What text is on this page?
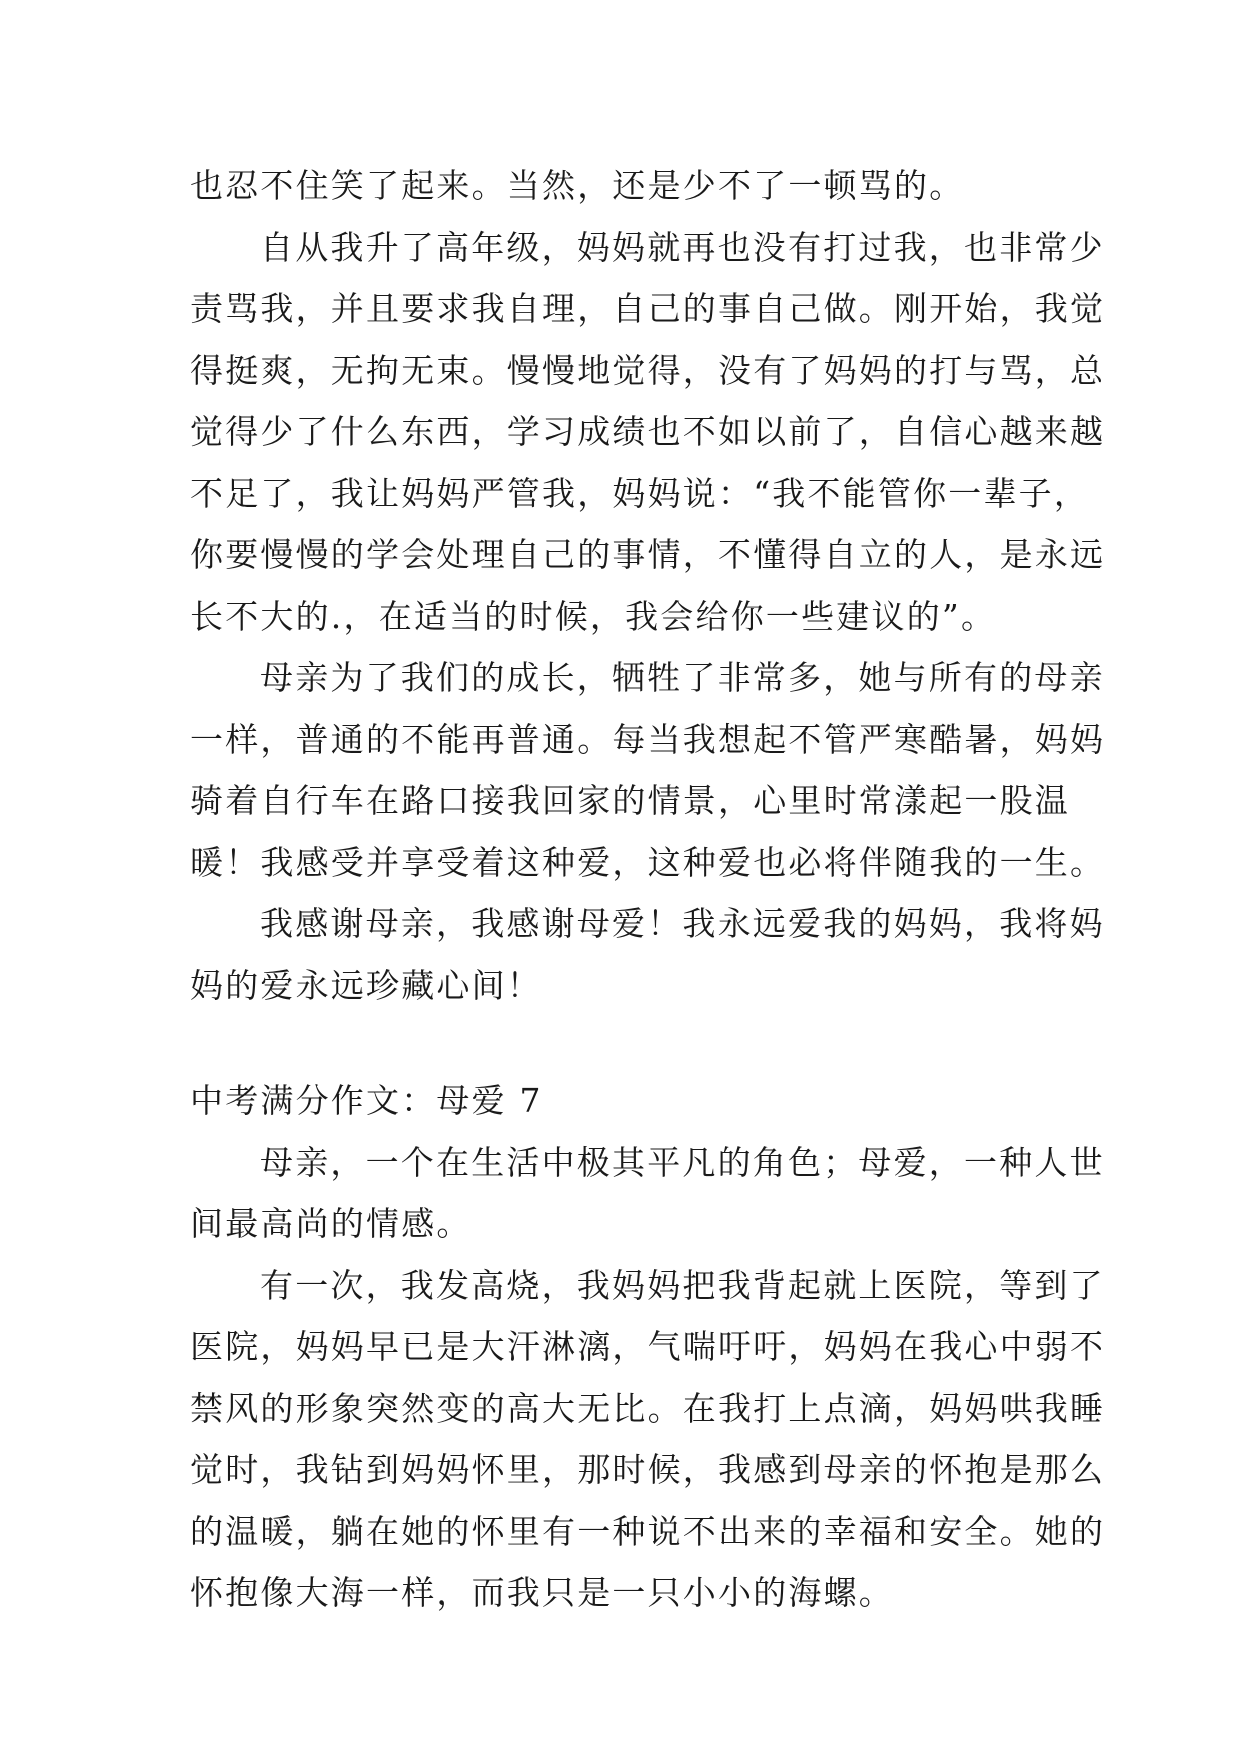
也忍不住笑了起来。当然，还是少不了一顿骂的。
自从我升了高年级，妈妈就再也没有打过我，也非常少
责骂我，并且要求我自理，自己的事自己做。刚开始，我觉
得挺爽，无拘无束。慢慢地觉得，没有了妈妈的打与骂，总
觉得少了什么东西，学习成绩也不如以前了，自信心越来越
不足了，我让妈妈严管我，妈妈说：“我不能管你一辈子，
你要慢慢的学会处理自己的事情，不懂得自立的人，是永远
长不大的.，在适当的时候，我会给你一些建议的”。
母亲为了我们的成长，牺牲了非常多，她与所有的母亲
一样，普通的不能再普通。每当我想起不管严寒酷暑，妈妈
骑着自行车在路口接我回家的情景，心里时常漾起一股温
暖！我感受并享受着这种爱，这种爱也必将伴随我的一生。
我感谢母亲，我感谢母爱！我永远爱我的妈妈，我将妈
妈的爱永远珍藏心间！
中考满分作文：母爱 7
母亲，一个在生活中极其平凡的角色；母爱，一种人世
间最高尚的情感。
有一次，我发高烧，我妈妈把我背起就上医院，等到了
医院，妈妈早已是大汗淋漓，气喘吁吁，妈妈在我心中弱不
禁风的形象突然变的高大无比。在我打上点滴，妈妈哄我睡
觉时，我钻到妈妈怀里，那时候，我感到母亲的怀抱是那么
的温暖，躺在她的怀里有一种说不出来的幸福和安全。她的
怀抱像大海一样，而我只是一只小小的海螺。
